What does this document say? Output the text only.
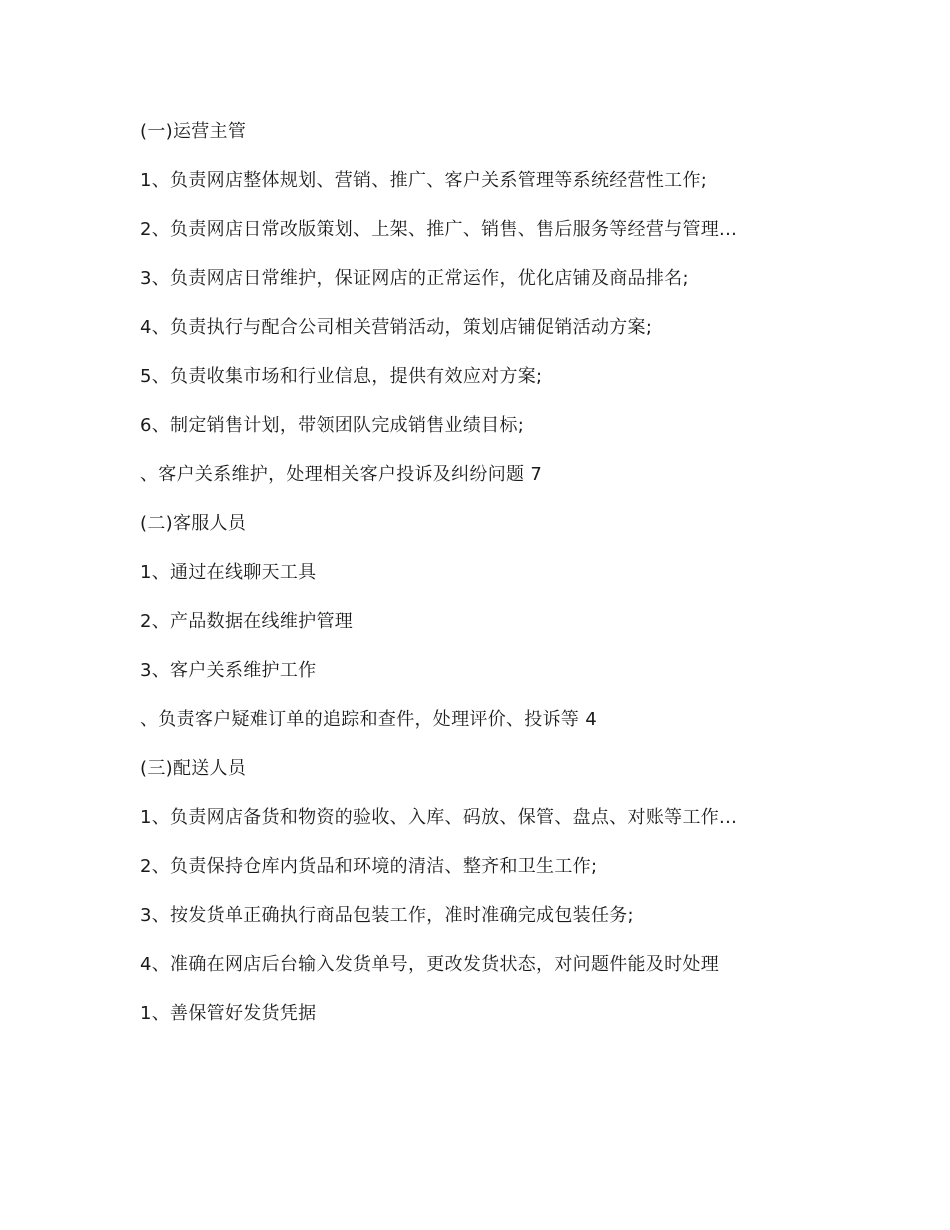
(一)运营主管

1、负责网店整体规划、营销、推广、客户关系管理等系统经营性工作;

2、负责网店日常改版策划、上架、推广、销售、售后服务等经营与管理...

3、负责网店日常维护，保证网店的正常运作，优化店铺及商品排名;

4、负责执行与配合公司相关营销活动，策划店铺促销活动方案;

5、负责收集市场和行业信息，提供有效应对方案;

6、制定销售计划，带领团队完成销售业绩目标;

、客户关系维护，处理相关客户投诉及纠纷问题 7

(二)客服人员

1、通过在线聊天工具

2、产品数据在线维护管理

3、客户关系维护工作

、负责客户疑难订单的追踪和查件，处理评价、投诉等 4

(三)配送人员

1、负责网店备货和物资的验收、入库、码放、保管、盘点、对账等工作...

2、负责保持仓库内货品和环境的清洁、整齐和卫生工作;

3、按发货单正确执行商品包装工作，准时准确完成包装任务;

4、准确在网店后台输入发货单号，更改发货状态，对问题件能及时处理

1、善保管好发货凭据
